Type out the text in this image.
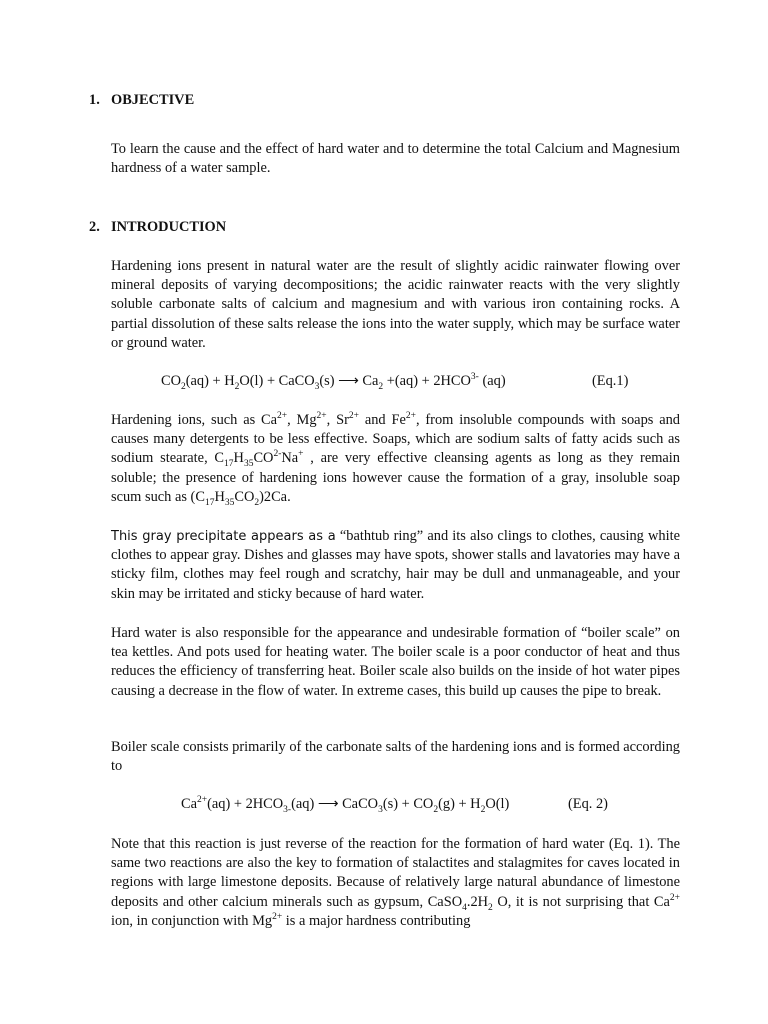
1. OBJECTIVE

To learn the cause and the effect of hard water and to determine the total Calcium and Magnesium hardness of a water sample.

2. INTRODUCTION

Hardening ions present in natural water are the result of slightly acidic rainwater flowing over mineral deposits of varying decompositions; the acidic rainwater reacts with the very slightly soluble carbonate salts of calcium and magnesium and with various iron containing rocks. A partial dissolution of these salts release the ions into the water supply, which may be surface water or ground water.

$CO_2(aq) + H_2O(l)$ + CaCO$_3$(s) ⟶ $Ca_2 +(aq) + 2HCO^{3-}$ (aq)	(Eq.1)

Hardening ions, such as $Ca^{2+}$, $Mg^{2+}$, $Sr^{2+}$ and $Fe^{2+}$, from insoluble compounds with soaps and causes many detergents to be less effective. Soaps, which are sodium salts of fatty acids such as sodium stearate, $C_{17}H_{35}CO^{2-}Na^+$ , are very effective cleansing agents as long as they remain soluble; the presence of hardening ions however cause the formation of a gray, insoluble soap scum such as $(C_{17}H_{35}CO_2)2Ca$.

This gray precipitate appears as a “bathtub ring” and its also clings to clothes, causing white clothes to appear gray. Dishes and glasses may have spots, shower stalls and lavatories may have a sticky film, clothes may feel rough and scratchy, hair may be dull and unmanageable, and your skin may be irritated and sticky because of hard water.

Hard water is also responsible for the appearance and undesirable formation of “boiler scale” on tea kettles. And pots used for heating water. The boiler scale is a poor conductor of heat and thus reduces the efficiency of transferring heat. Boiler scale also builds on the inside of hot water pipes causing a decrease in the flow of water. In extreme cases, this build up causes the pipe to break.

Boiler scale consists primarily of the carbonate salts of the hardening ions and is formed according to

$Ca^{2+}(aq) + 2HCO_{3-}(aq)$ ⟶ CaCO$_3$(s) + $CO_2(g) + H_2O(l)$	(Eq. 2)

Note that this reaction is just reverse of the reaction for the formation of hard water (Eq. 1). The same two reactions are also the key to formation of stalactites and stalagmites for caves located in regions with large limestone deposits. Because of relatively large natural abundance of limestone deposits and other calcium minerals such as gypsum, $CaSO_4.2H_2$ O, it is not surprising that $Ca^{2+}$ ion, in conjunction with $Mg^{2+}$ is a major hardness contributing
